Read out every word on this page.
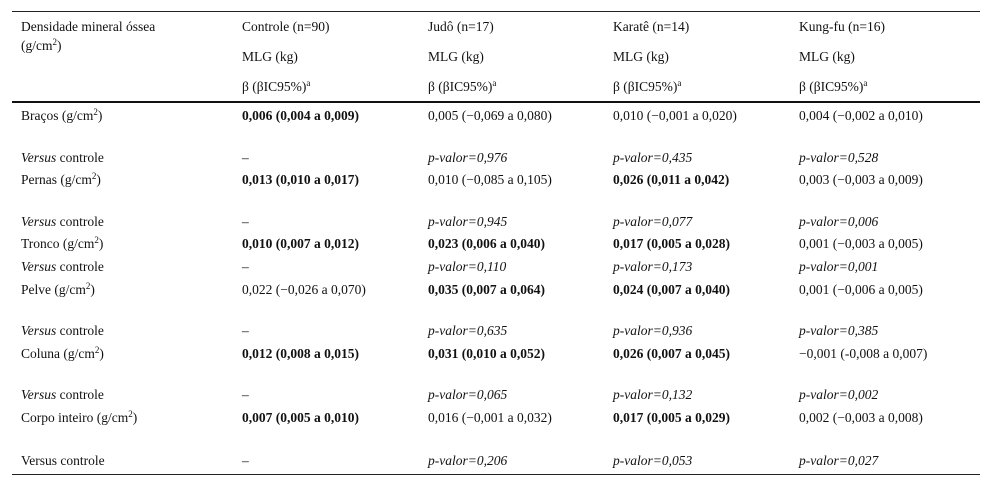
Densidade mineral óssea
$(g/cm^2)$
Controle (n=90)	Judô (n=17)	Karatê (n=14)	Kung-fu (n=16)
MLG (kg)	MLG (kg)	MLG (kg)	MLG (kg)
β $(\beta IC95\%)^a$	β $(\beta IC95\%)^a$	β $(\beta IC95\%)^a$	β $(\beta IC95\%)^a$
Braços $(g/cm^2)$	0,006 (0,004 a 0,009)	0,005 (−0,069 a 0,080)	0,010 (−0,001 a 0,020)	0,004 (−0,002 a 0,010)
Versus controle	–	p-valor=0,976	p-valor=0,435	p-valor=0,528
Pernas $(g/cm^2)$	0,013 (0,010 a 0,017)	0,010 (−0,085 a 0,105)	0,026 (0,011 a 0,042)	0,003 (−0,003 a 0,009)
Versus controle	–	p-valor=0,945	p-valor=0,077	p-valor=0,006
Tronco $(g/cm^2)$	0,010 (0,007 a 0,012)	0,023 (0,006 a 0,040)	0,017 (0,005 a 0,028)	0,001 (−0,003 a 0,005)
Versus controle	–	p-valor=0,110	p-valor=0,173	p-valor=0,001
Pelve $(g/cm^2)$	0,022 (−0,026 a 0,070)	0,035 (0,007 a 0,064)	0,024 (0,007 a 0,040)	0,001 (−0,006 a 0,005)
Versus controle	–	p-valor=0,635	p-valor=0,936	p-valor=0,385
Coluna $(g/cm^2)$	0,012 (0,008 a 0,015)	0,031 (0,010 a 0,052)	0,026 (0,007 a 0,045)	−0,001 (-0,008 a 0,007)
Versus controle	–	p-valor=0,065	p-valor=0,132	p-valor=0,002
Corpo inteiro $(g/cm^2)$	0,007 (0,005 a 0,010)	0,016 (−0,001 a 0,032)	0,017 (0,005 a 0,029)	0,002 (−0,003 a 0,008)
Versus controle	–	p-valor=0,206	p-valor=0,053	p-valor=0,027
